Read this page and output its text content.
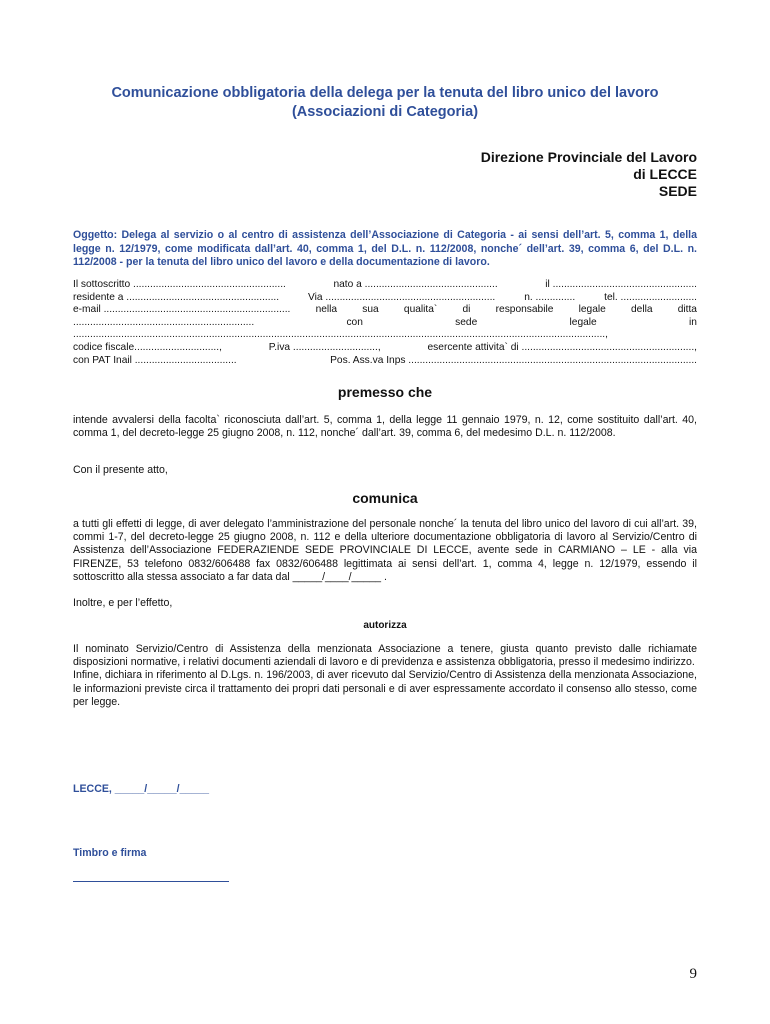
Comunicazione obbligatoria della delega per la tenuta del libro unico del lavoro
(Associazioni di Categoria)
Direzione Provinciale del Lavoro
di LECCE
SEDE
Oggetto: Delega al servizio o al centro di assistenza dell’Associazione di Categoria - ai sensi dell’art. 5, comma 1, della legge n. 12/1979, come modificata dall’art. 40, comma 1, del D.L. n. 112/2008, nonche´ dell’art. 39, comma 6, del D.L. n. 112/2008 - per la tenuta del libro unico del lavoro e della documentazione di lavoro.
Il sottoscritto ......................................................	nato a ...............................................	il ...................................................
residente a ......................................................	Via ............................................................	n. ..............	tel. ...........................
e-mail .................................................................. nella sua qualita` di responsabile legale della ditta
................................................................	con	sede	legale	in
............................................................................................................................................................................................,
codice fiscale..............................,	P.iva ..............................,	esercente attivita` di .............................................................,
con PAT Inail ....................................	Pos. Ass.va Inps ......................................................................................................
premesso che

intende avvalersi della facolta` riconosciuta dall’art. 5, comma 1, della legge 11 gennaio 1979, n. 12, come sostituito dall’art. 40, comma 1, del decreto-legge 25 giugno 2008, n. 112, nonche´ dall’art. 39, comma 6, del medesimo D.L. n. 112/2008.

Con il presente atto,
comunica

a tutti gli effetti di legge, di aver delegato l’amministrazione del personale nonche´ la tenuta del libro unico del lavoro di cui all’art. 39, commi 1-7, del decreto-legge 25 giugno 2008, n. 112 e della ulteriore documentazione obbligatoria di lavoro al Servizio/Centro di Assistenza dell’Associazione FEDERAZIENDE SEDE PROVINCIALE DI LECCE, avente sede in CARMIANO – LE - alla via FIRENZE, 53 telefono 0832/606488 fax 0832/606488 legittimata ai sensi dell’art. 1, comma 4, legge n. 12/1979, essendo il sottoscritto alla stessa associato a far data dal _____/____/_____ .

Inoltre, e per l’effetto,
autorizza

Il nominato Servizio/Centro di Assistenza della menzionata Associazione a tenere, giusta quanto previsto dalle richiamate disposizioni normative, i relativi documenti aziendali di lavoro e di previdenza e assistenza obbligatoria, presso il medesimo indirizzo.

Infine, dichiara in riferimento al D.Lgs. n. 196/2003, di aver ricevuto dal Servizio/Centro di Assistenza della menzionata Associazione, le informazioni previste circa il trattamento dei propri dati personali e di aver espressamente accordato il consenso allo stesso, come per legge.

LECCE, _____/_____/_____
Timbro e firma
9
